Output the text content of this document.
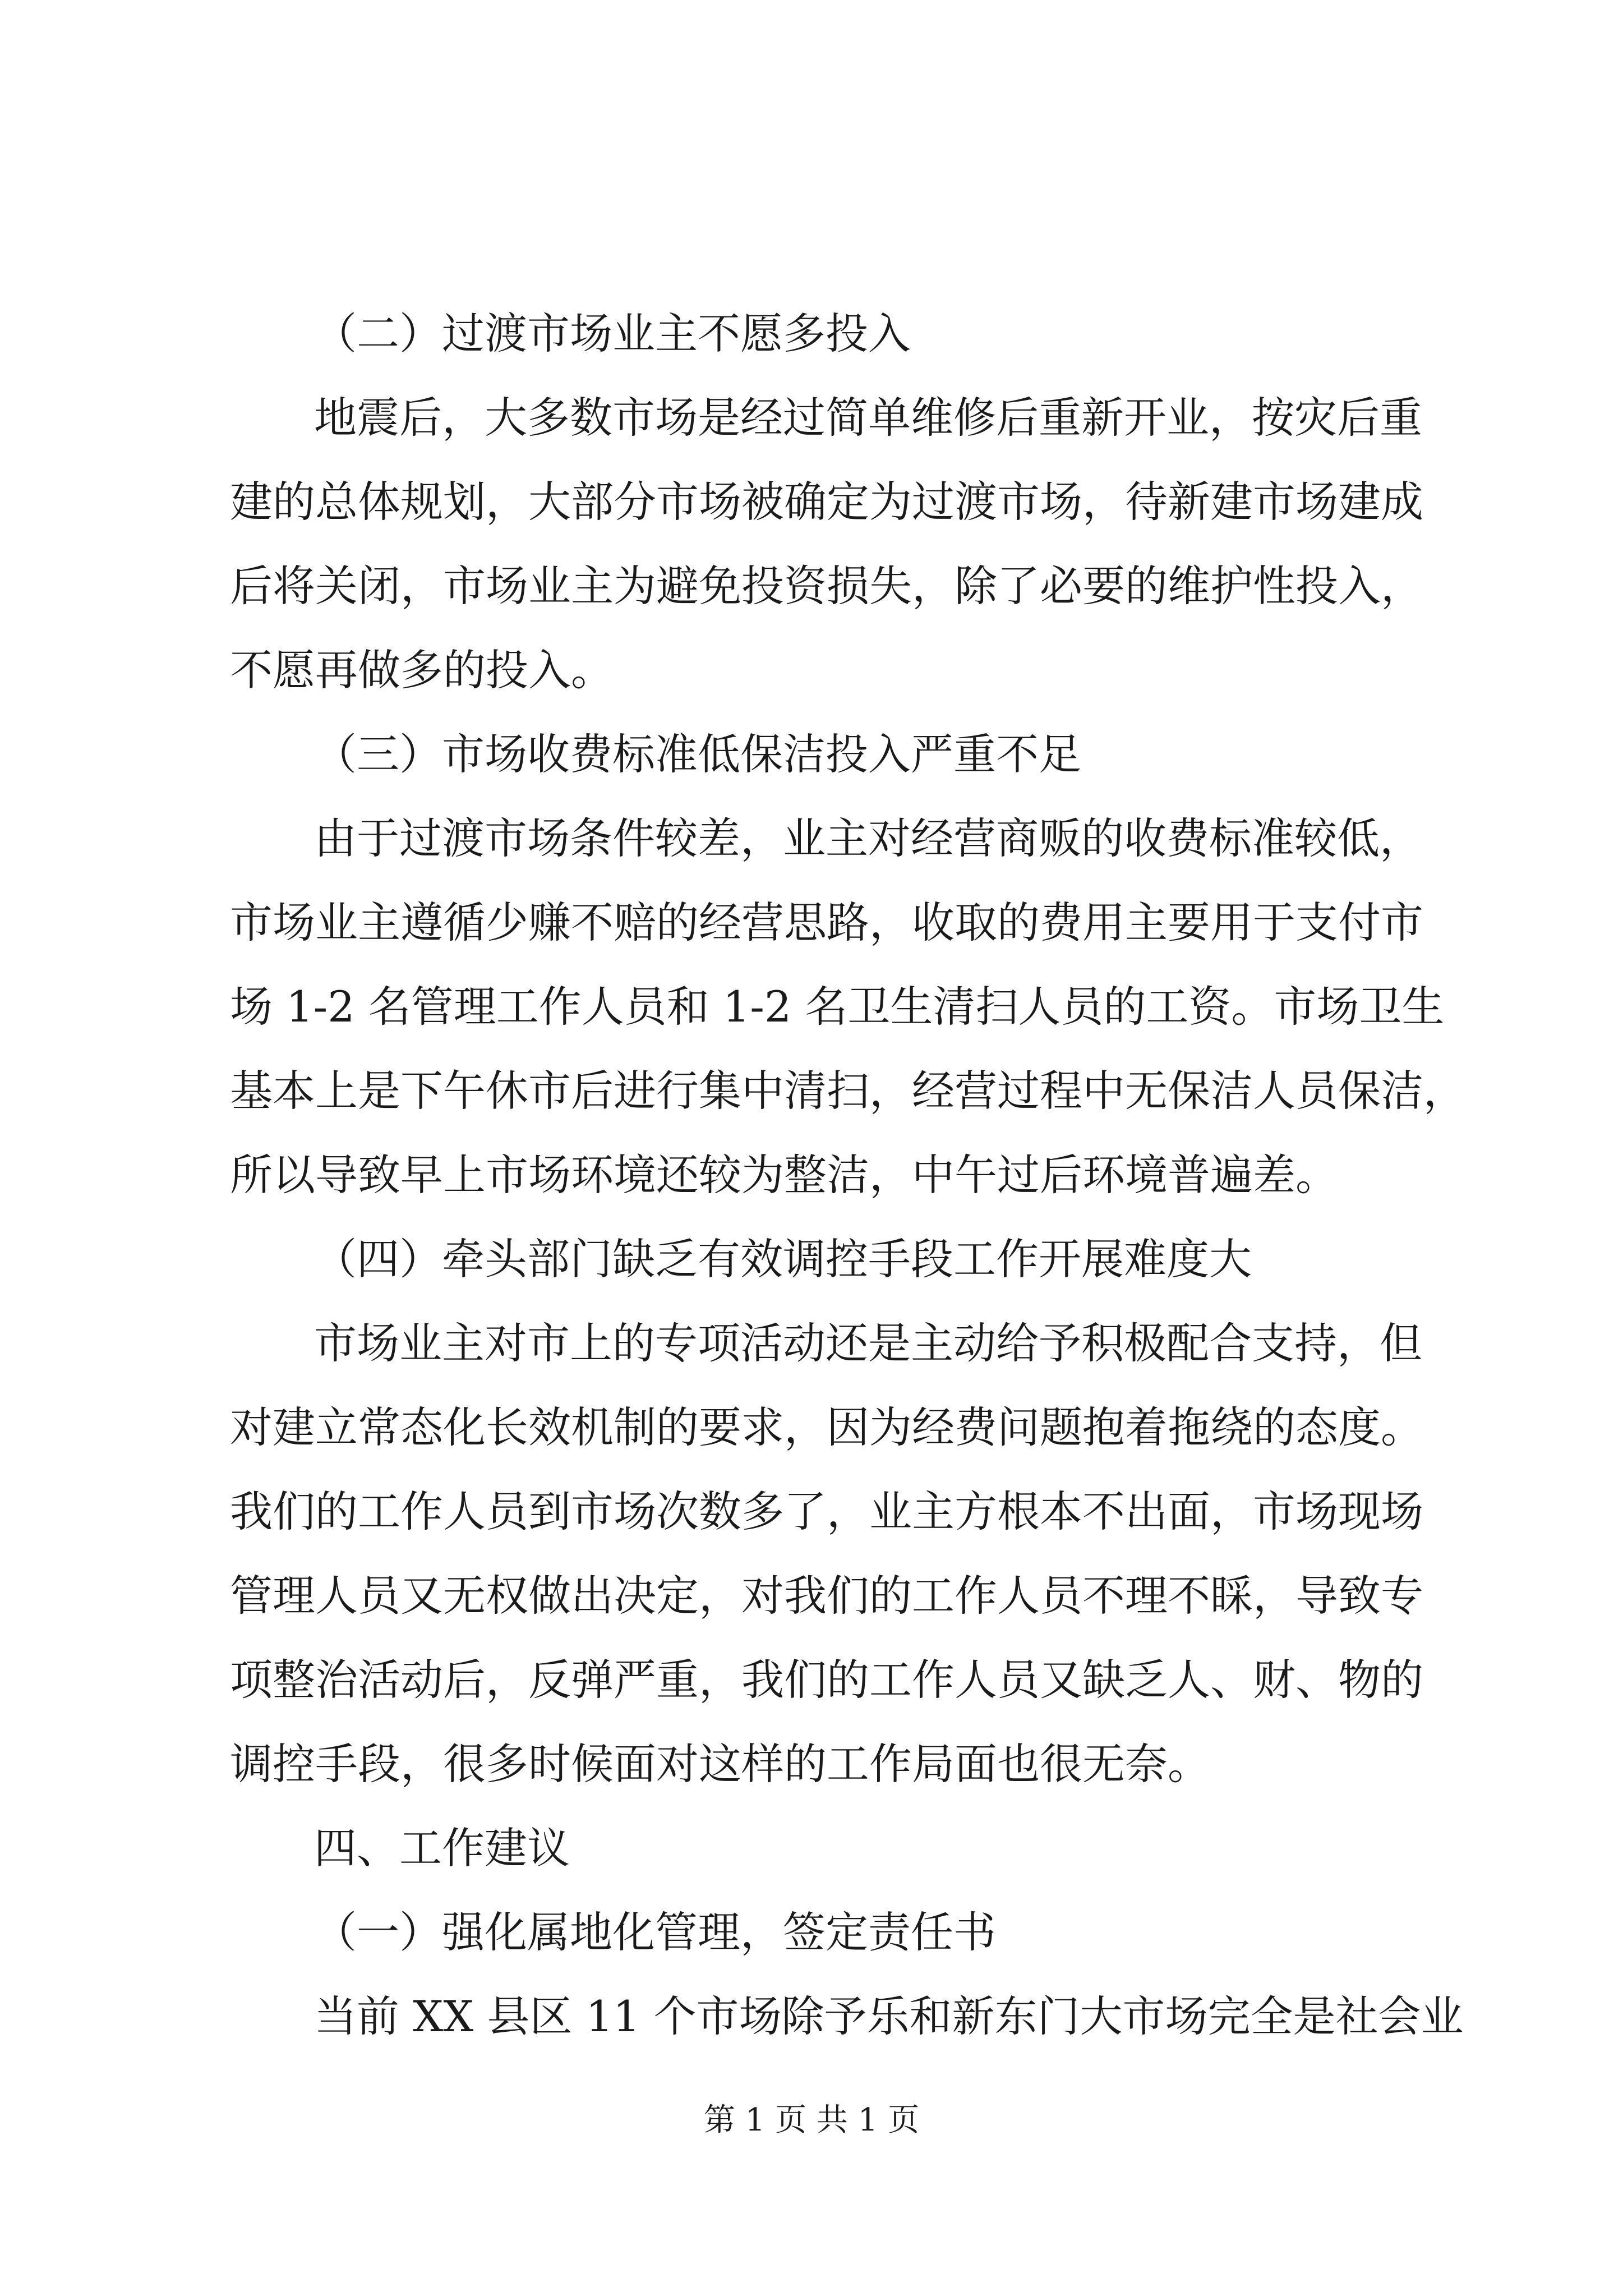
（二）过渡市场业主不愿多投入
地震后，大多数市场是经过简单维修后重新开业，按灾后重
建的总体规划，大部分市场被确定为过渡市场，待新建市场建成
后将关闭，市场业主为避免投资损失，除了必要的维护性投入，
不愿再做多的投入。
（三）市场收费标准低保洁投入严重不足
由于过渡市场条件较差，业主对经营商贩的收费标准较低，
市场业主遵循少赚不赔的经营思路，收取的费用主要用于支付市
场 1-2 名管理工作人员和 1-2 名卫生清扫人员的工资。市场卫生
基本上是下午休市后进行集中清扫，经营过程中无保洁人员保洁，
所以导致早上市场环境还较为整洁，中午过后环境普遍差。
（四）牵头部门缺乏有效调控手段工作开展难度大
市场业主对市上的专项活动还是主动给予积极配合支持，但
对建立常态化长效机制的要求，因为经费问题抱着拖绕的态度。
我们的工作人员到市场次数多了，业主方根本不出面，市场现场
管理人员又无权做出决定，对我们的工作人员不理不睬，导致专
项整治活动后，反弹严重，我们的工作人员又缺乏人、财、物的
调控手段，很多时候面对这样的工作局面也很无奈。
四、工作建议
（一）强化属地化管理，签定责任书
当前 XX 县区 11 个市场除予乐和新东门大市场完全是社会业
第 1 页 共 1 页
